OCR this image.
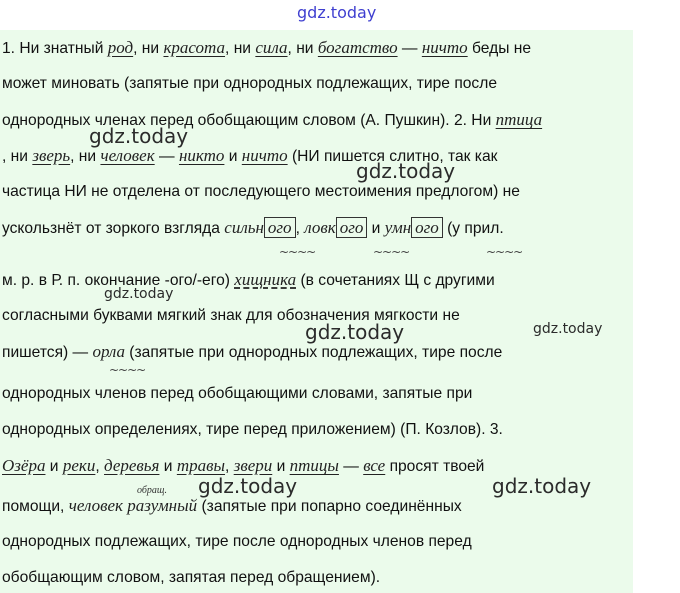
gdz.today
1. Ни знатный род, ни красота, ни сила, ни богатство — ничто беды не
может миновать (запятые при однородных подлежащих, тире после
однородных членах перед обобщающим словом (А. Пушкин). 2. Ни птица
, ни зверь, ни человек — никто и ничто (НИ пишется слитно, так как
частица НИ не отделена от последующего местоимения предлогом) не
ускользнёт от зоркого взгляда сильн ого , ловк ого и умн ого (у прил.
м. р. в Р. п. окончание -ого/-его) хищника (в сочетаниях Щ с другими
согласными буквами мягкий знак для обозначения мягкости не
пишется) — орла (запятые при однородных подлежащих, тире после
однородных членов перед обобщающими словами, запятые при
однородных определениях, тире перед приложением) (П. Козлов). 3.
Озёра и реки, деревья и травы, звери и птицы — все просят твоей
помощи, человек разумный (запятые при попарно соединённых
однородных подлежащих, тире после однородных членов перед
обобщающим словом, запятая перед обращением).
~~~~	~~~~	~~~~
~~~~
обращ.
gdz.today
gdz.today
gdz.today
gdz.today	gdz.today
gdz.today	gdz.today
